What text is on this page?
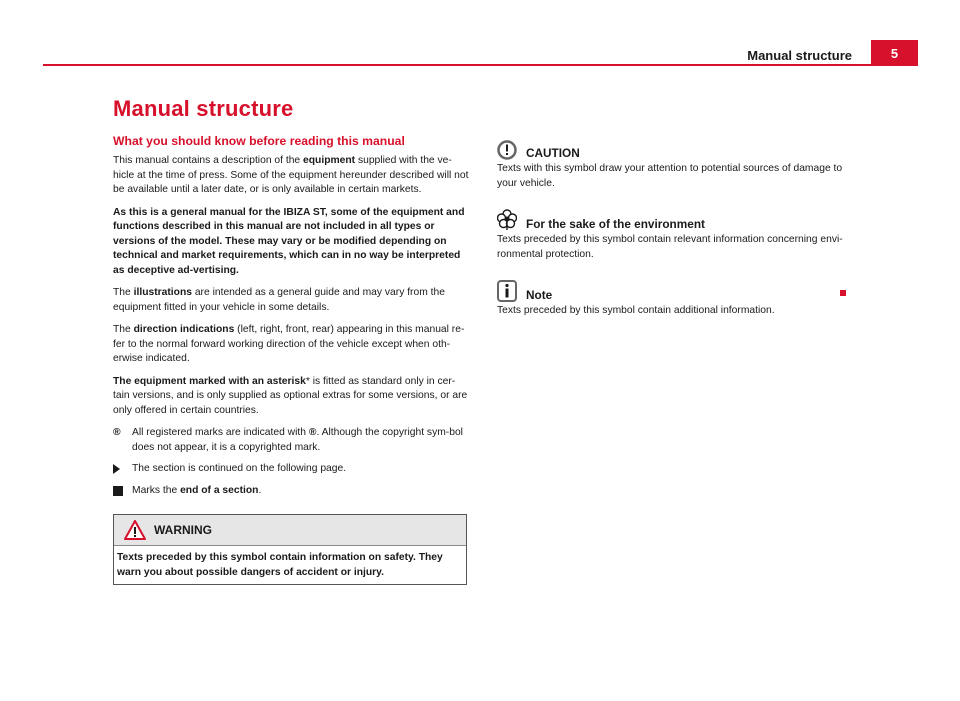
Manual structure	5
Manual structure
What you should know before reading this manual

This manual contains a description of the equipment supplied with the ve-hicle at the time of press. Some of the equipment hereunder described will not be available until a later date, or is only available in certain markets.

As this is a general manual for the IBIZA ST, some of the equipment and functions described in this manual are not included in all types or versions of the model. These may vary or be modified depending on technical and market requirements, which can in no way be interpreted as deceptive ad-vertising.

The illustrations are intended as a general guide and may vary from the equipment fitted in your vehicle in some details.

The direction indications (left, right, front, rear) appearing in this manual re-fer to the normal forward working direction of the vehicle except when oth-erwise indicated.

The equipment marked with an asterisk* is fitted as standard only in cer-tain versions, and is only supplied as optional extras for some versions, or are only offered in certain countries.

®	All registered marks are indicated with ®. Although the copyright sym-bol does not appear, it is a copyrighted mark.
The section is continued on the following page.
Marks the end of a section.
WARNING
Texts preceded by this symbol contain information on safety. They warn you about possible dangers of accident or injury.
CAUTION

Texts with this symbol draw your attention to potential sources of damage to your vehicle.

For the sake of the environment

Texts preceded by this symbol contain relevant information concerning envi-ronmental protection.

Note

Texts preceded by this symbol contain additional information.
